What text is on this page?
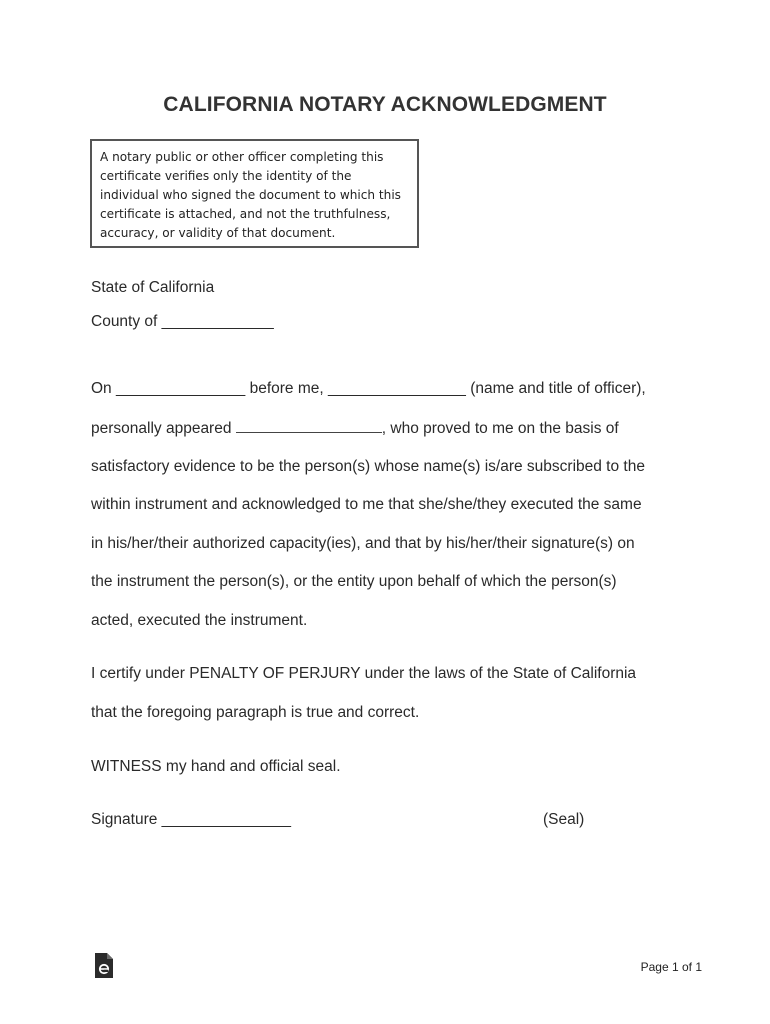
CALIFORNIA NOTARY ACKNOWLEDGMENT
A notary public or other officer completing this
certificate verifies only the identity of the
individual who signed the document to which this
certificate is attached, and not the truthfulness,
accuracy, or validity of that document.
State of California
County of _____________
On _______________ before me, ________________ (name and title of officer),
personally appeared	, who proved to me on the basis of
satisfactory evidence to be the person(s) whose name(s) is/are subscribed to the
within instrument and acknowledged to me that she/she/they executed the same
in his/her/their authorized capacity(ies), and that by his/her/their signature(s) on
the instrument the person(s), or the entity upon behalf of which the person(s)
acted, executed the instrument.
I certify under PENALTY OF PERJURY under the laws of the State of California
that the foregoing paragraph is true and correct.
WITNESS my hand and official seal.
Signature _______________	(Seal)
Page 1 of 1
